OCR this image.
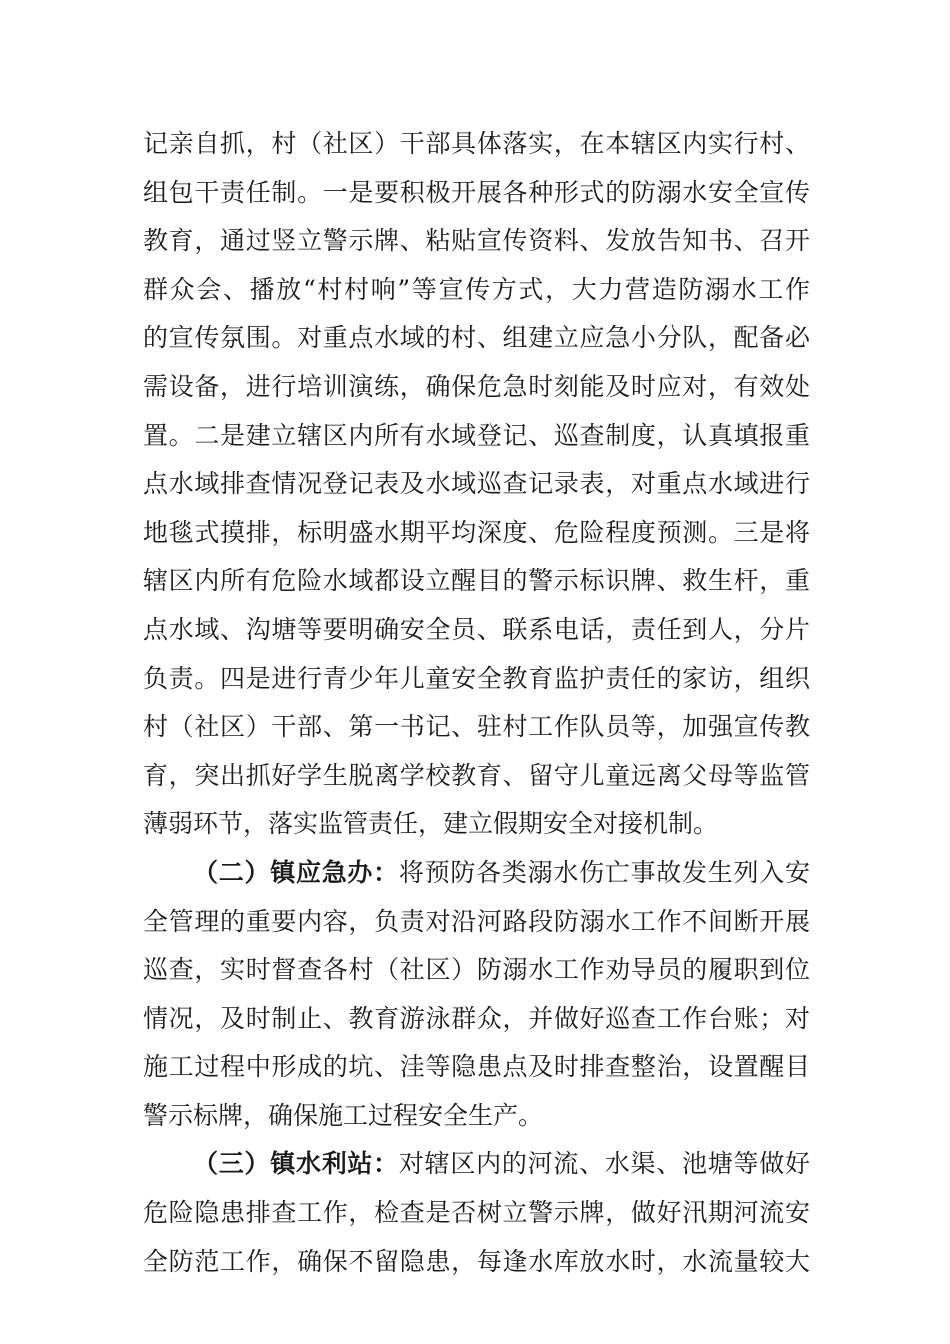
记亲自抓，村（社区）干部具体落实，在本辖区内实行村、
组包干责任制。一是要积极开展各种形式的防溺水安全宣传
教育，通过竖立警示牌、粘贴宣传资料、发放告知书、召开
群众会、播放“村村响”等宣传方式，大力营造防溺水工作
的宣传氛围。对重点水域的村、组建立应急小分队，配备必
需设备，进行培训演练，确保危急时刻能及时应对，有效处
置。二是建立辖区内所有水域登记、巡查制度，认真填报重
点水域排查情况登记表及水域巡查记录表，对重点水域进行
地毯式摸排，标明盛水期平均深度、危险程度预测。三是将
辖区内所有危险水域都设立醒目的警示标识牌、救生杆，重
点水域、沟塘等要明确安全员、联系电话，责任到人，分片
负责。四是进行青少年儿童安全教育监护责任的家访，组织
村（社区）干部、第一书记、驻村工作队员等，加强宣传教
育，突出抓好学生脱离学校教育、留守儿童远离父母等监管
薄弱环节，落实监管责任，建立假期安全对接机制。
（二）镇应急办：将预防各类溺水伤亡事故发生列入安
全管理的重要内容，负责对沿河路段防溺水工作不间断开展
巡查，实时督查各村（社区）防溺水工作劝导员的履职到位
情况，及时制止、教育游泳群众，并做好巡查工作台账；对
施工过程中形成的坑、洼等隐患点及时排查整治，设置醒目
警示标牌，确保施工过程安全生产。
（三）镇水利站：对辖区内的河流、水渠、池塘等做好
危险隐患排查工作，检查是否树立警示牌，做好汛期河流安
全防范工作，确保不留隐患，每逢水库放水时，水流量较大
